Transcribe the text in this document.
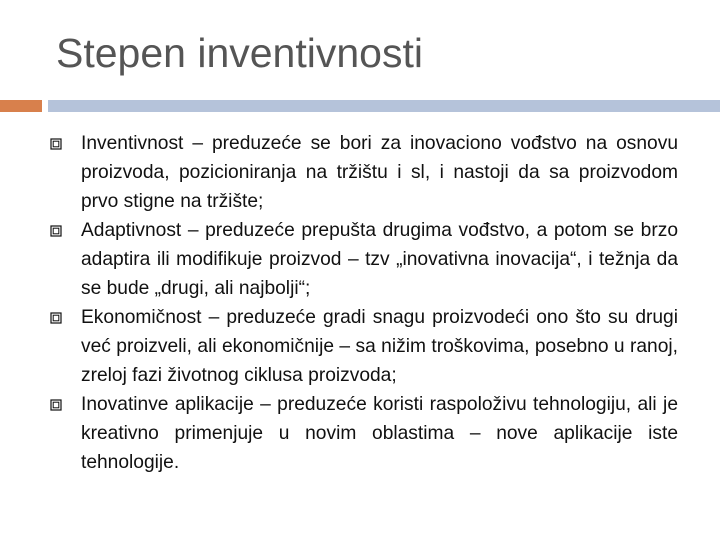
Stepen inventivnosti
Inventivnost – preduzeće se bori za inovaciono vođstvo na osnovu proizvoda, pozicioniranja na tržištu i sl, i nastoji da sa proizvodom prvo stigne na tržište;
Adaptivnost – preduzeće prepušta drugima vođstvo, a potom se brzo adaptira ili modifikuje proizvod – tzv „inovativna inovacija“, i težnja da se bude „drugi, ali najbolji“;
Ekonomičnost – preduzeće gradi snagu proizvodeći ono što su drugi već proizveli, ali ekonomičnije – sa nižim troškovima, posebno u ranoj, zreloj fazi životnog ciklusa proizvoda;
Inovatinve aplikacije – preduzeće koristi raspoloživu tehnologiju, ali je kreativno primenjuje u novim oblastima – nove aplikacije iste tehnologije.
